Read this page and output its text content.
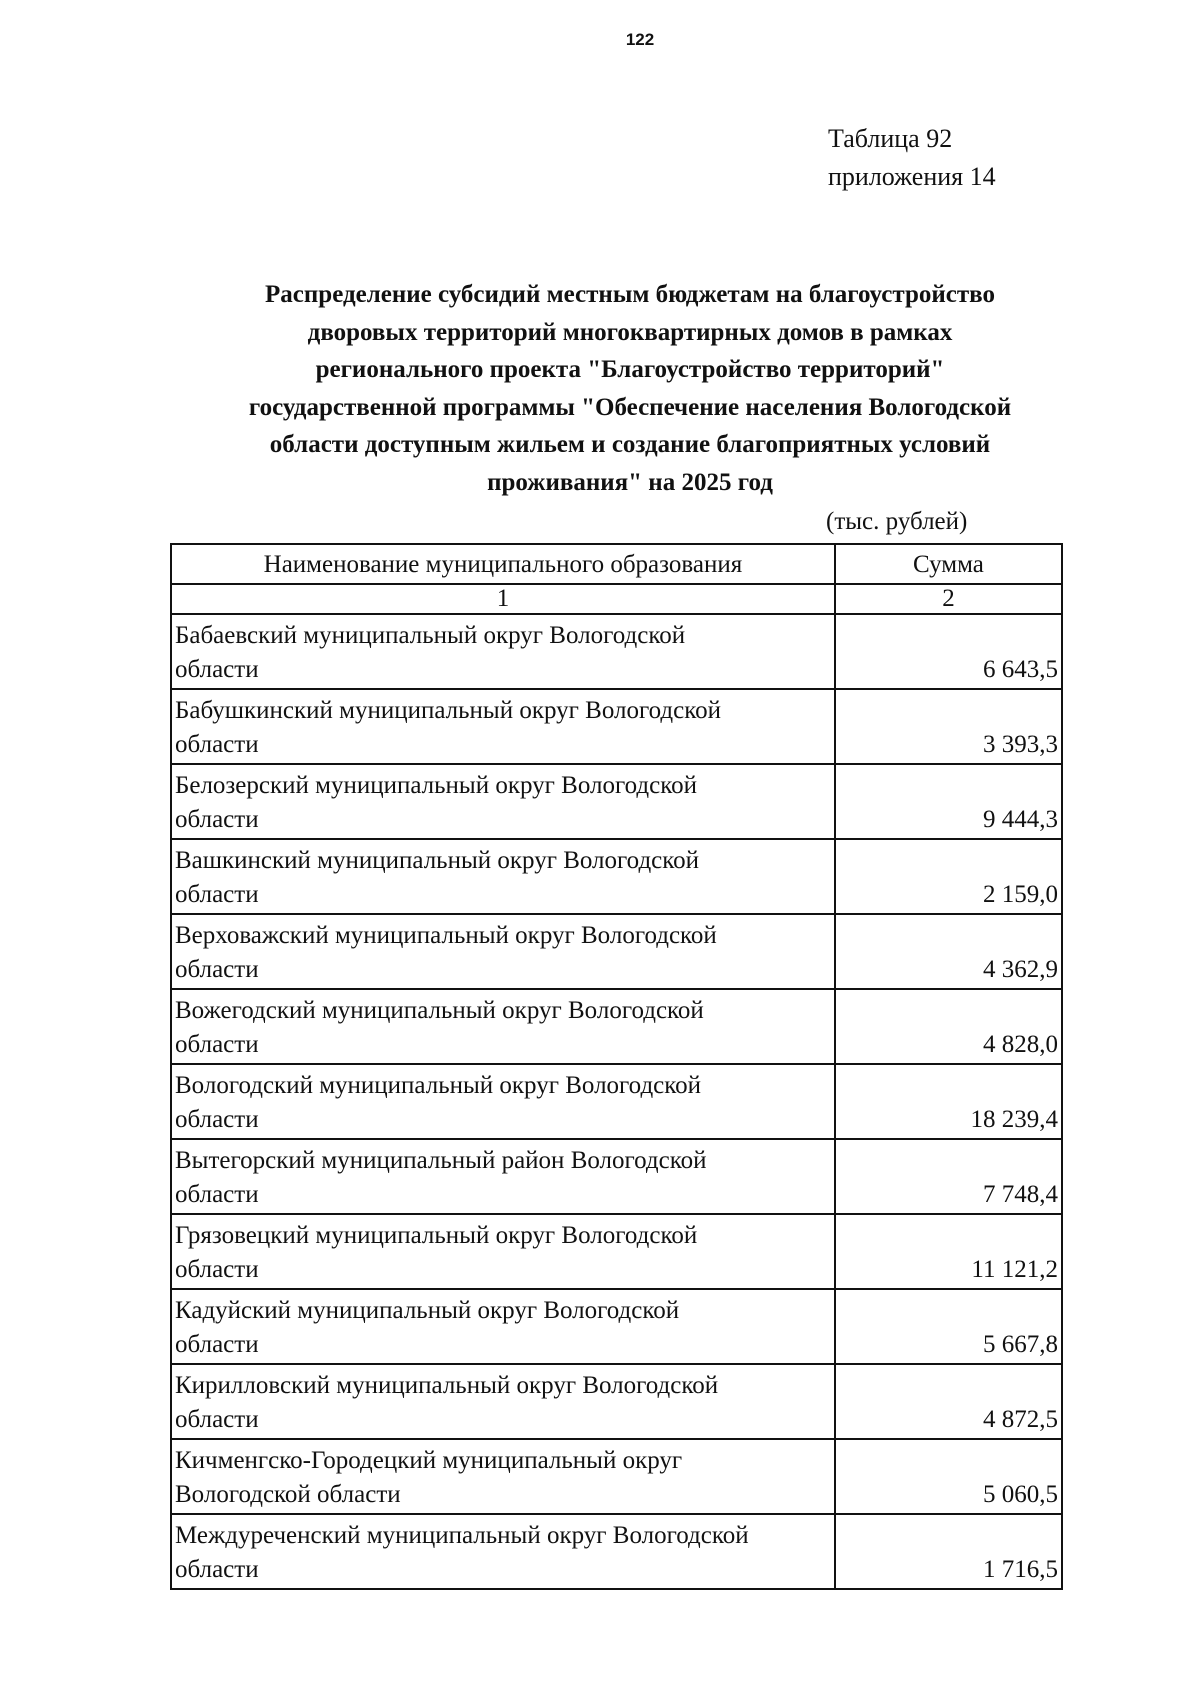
122
Таблица 92
приложения 14
Распределение субсидий местным бюджетам на благоустройство
дворовых территорий многоквартирных домов в рамках
регионального проекта "Благоустройство территорий"
государственной программы "Обеспечение населения Вологодской
области доступным жильем и создание благоприятных условий
проживания" на 2025 год
(тыс. рублей)
Наименование муниципального образования	Сумма
1	2

Бабаевский муниципальный округ Вологодской
области	6 643,5

Бабушкинский муниципальный округ Вологодской
области	3 393,3

Белозерский муниципальный округ Вологодской
области	9 444,3

Вашкинский муниципальный округ Вологодской
области	2 159,0

Верховажский муниципальный округ Вологодской
области	4 362,9

Вожегодский муниципальный округ Вологодской
области	4 828,0

Вологодский муниципальный округ Вологодской
области	18 239,4

Вытегорский муниципальный район Вологодской
области	7 748,4

Грязовецкий муниципальный округ Вологодской
области	11 121,2

Кадуйский муниципальный округ Вологодской
области	5 667,8

Кирилловский муниципальный округ Вологодской
области	4 872,5

Кичменгско-Городецкий муниципальный округ
Вологодской области	5 060,5

Междуреченский муниципальный округ Вологодской
области	1 716,5
